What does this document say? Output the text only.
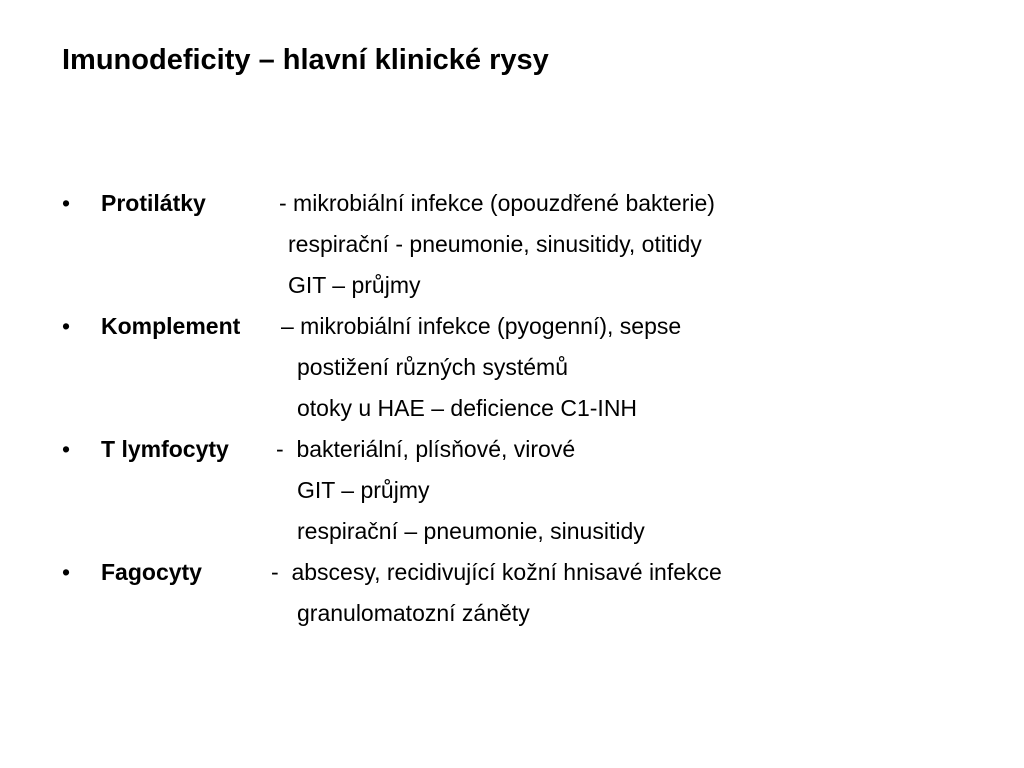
Imunodeficity – hlavní klinické rysy
• Protilátky	- mikrobiální infekce (opouzdřené bakterie)
respirační - pneumonie, sinusitidy, otitidy
GIT – průjmy
• Komplement – mikrobiální infekce (pyogenní), sepse
postižení různých systémů
otoky u HAE – deficience C1-INH
• T lymfocyty -  bakteriální, plísňové, virové
GIT – průjmy
respirační – pneumonie, sinusitidy
• Fagocyty	-  abscesy, recidivující kožní hnisavé infekce
granulomatozní záněty
